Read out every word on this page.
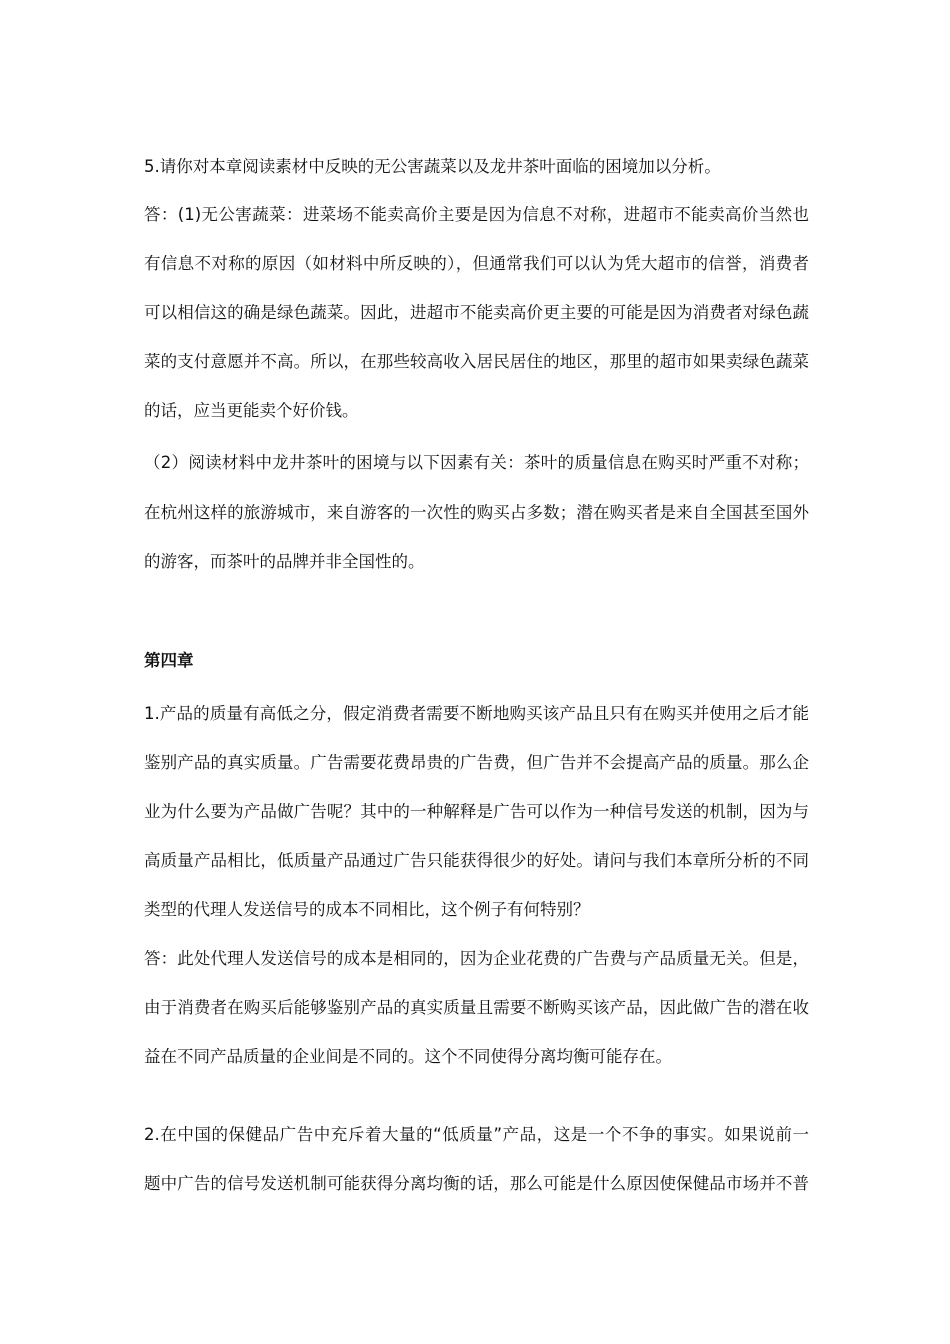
5.请你对本章阅读素材中反映的无公害蔬菜以及龙井茶叶面临的困境加以分析。
答：(1)无公害蔬菜：进菜场不能卖高价主要是因为信息不对称，进超市不能卖高价当然也
有信息不对称的原因（如材料中所反映的），但通常我们可以认为凭大超市的信誉，消费者
可以相信这的确是绿色蔬菜。因此，进超市不能卖高价更主要的可能是因为消费者对绿色蔬
菜的支付意愿并不高。所以，在那些较高收入居民居住的地区，那里的超市如果卖绿色蔬菜
的话，应当更能卖个好价钱。
（2）阅读材料中龙井茶叶的困境与以下因素有关：茶叶的质量信息在购买时严重不对称；
在杭州这样的旅游城市，来自游客的一次性的购买占多数；潜在购买者是来自全国甚至国外
的游客，而茶叶的品牌并非全国性的。
第四章
1.产品的质量有高低之分，假定消费者需要不断地购买该产品且只有在购买并使用之后才能
鉴别产品的真实质量。广告需要花费昂贵的广告费，但广告并不会提高产品的质量。那么企
业为什么要为产品做广告呢？其中的一种解释是广告可以作为一种信号发送的机制，因为与
高质量产品相比，低质量产品通过广告只能获得很少的好处。请问与我们本章所分析的不同
类型的代理人发送信号的成本不同相比，这个例子有何特别？
答：此处代理人发送信号的成本是相同的，因为企业花费的广告费与产品质量无关。但是，
由于消费者在购买后能够鉴别产品的真实质量且需要不断购买该产品，因此做广告的潜在收
益在不同产品质量的企业间是不同的。这个不同使得分离均衡可能存在。
2.在中国的保健品广告中充斥着大量的“低质量”产品，这是一个不争的事实。如果说前一
题中广告的信号发送机制可能获得分离均衡的话，那么可能是什么原因使保健品市场并不普
